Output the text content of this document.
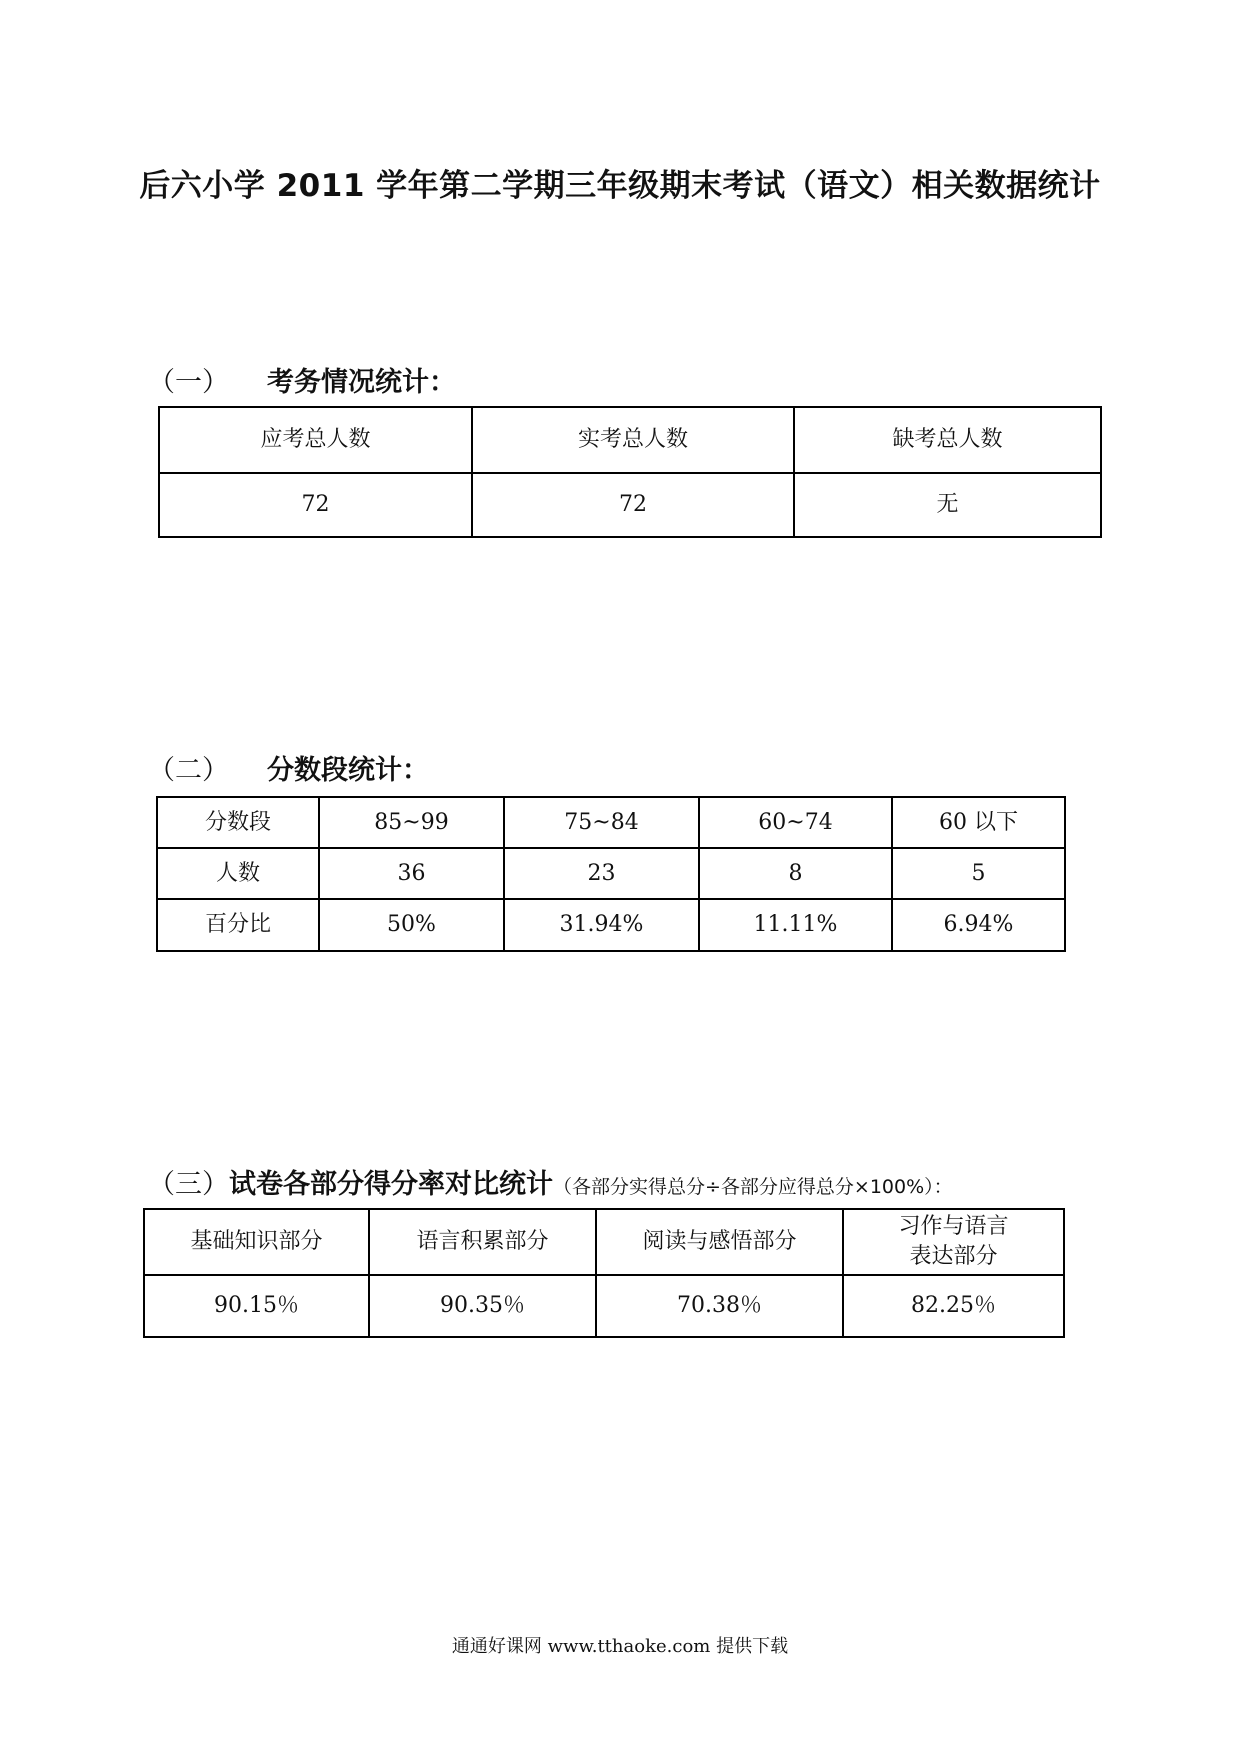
后六小学 2011 学年第二学期三年级期末考试（语文）相关数据统计
（一） 考务情况统计：
应考总人数	实考总人数	缺考总人数
72	72	无
（二） 分数段统计：
分数段	85~99	75~84	60~74	60 以下
人数	36	23	8	5
百分比	50%	31.94%	11.11%	6.94%
（三）试卷各部分得分率对比统计（各部分实得总分÷各部分应得总分×100%）：
基础知识部分	语言积累部分	阅读与感悟部分	习作与语言
表达部分

90.15％	90.35％	70.38％	82.25％
通通好课网 www.tthaoke.com 提供下载
